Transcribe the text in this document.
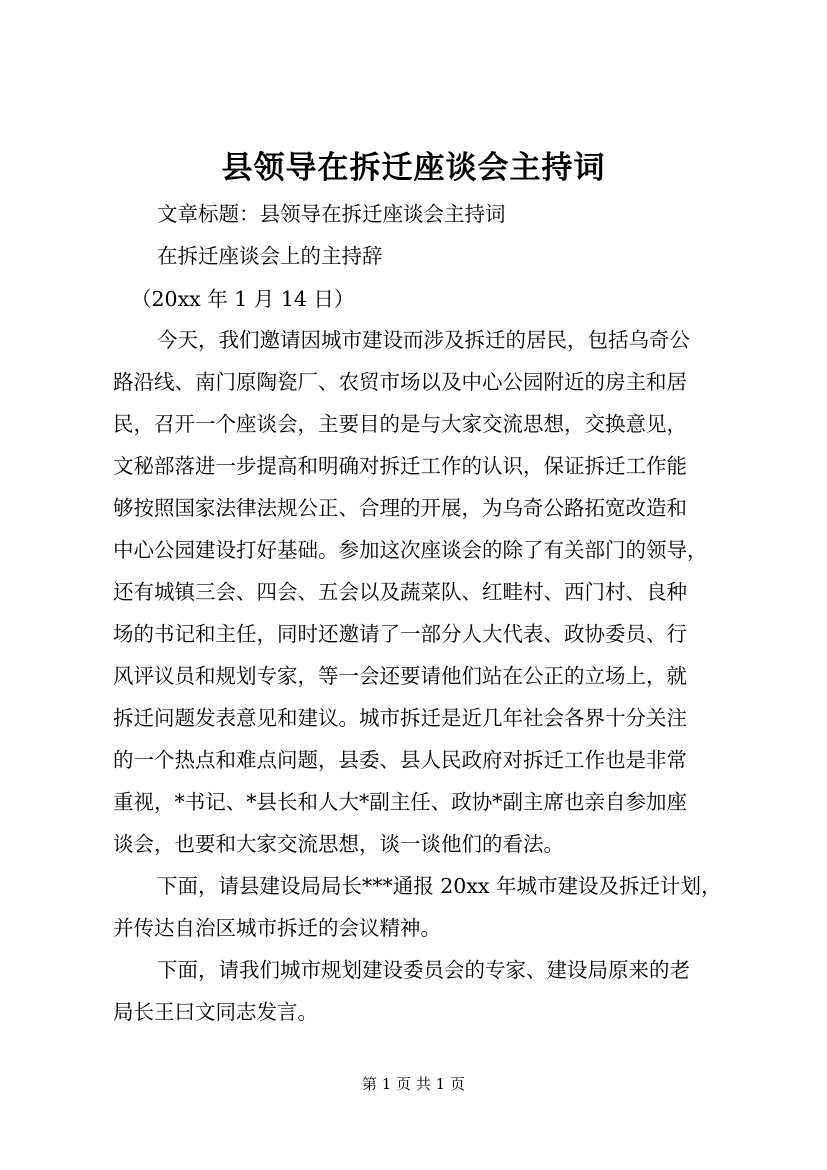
县领导在拆迁座谈会主持词
文章标题：县领导在拆迁座谈会主持词
在拆迁座谈会上的主持辞
（20xx 年 1 月 14 日）
今天，我们邀请因城市建设而涉及拆迁的居民，包括乌奇公
路沿线、南门原陶瓷厂、农贸市场以及中心公园附近的房主和居
民，召开一个座谈会，主要目的是与大家交流思想，交换意见，
文秘部落进一步提高和明确对拆迁工作的认识，保证拆迁工作能
够按照国家法律法规公正、合理的开展，为乌奇公路拓宽改造和
中心公园建设打好基础。参加这次座谈会的除了有关部门的领导，
还有城镇三会、四会、五会以及蔬菜队、红畦村、西门村、良种
场的书记和主任，同时还邀请了一部分人大代表、政协委员、行
风评议员和规划专家，等一会还要请他们站在公正的立场上，就
拆迁问题发表意见和建议。城市拆迁是近几年社会各界十分关注
的一个热点和难点问题，县委、县人民政府对拆迁工作也是非常
重视，*书记、*县长和人大*副主任、政协*副主席也亲自参加座
谈会，也要和大家交流思想，谈一谈他们的看法。
下面，请县建设局局长***通报 20xx 年城市建设及拆迁计划，
并传达自治区城市拆迁的会议精神。
下面，请我们城市规划建设委员会的专家、建设局原来的老
局长王曰文同志发言。
第 1 页 共 1 页
